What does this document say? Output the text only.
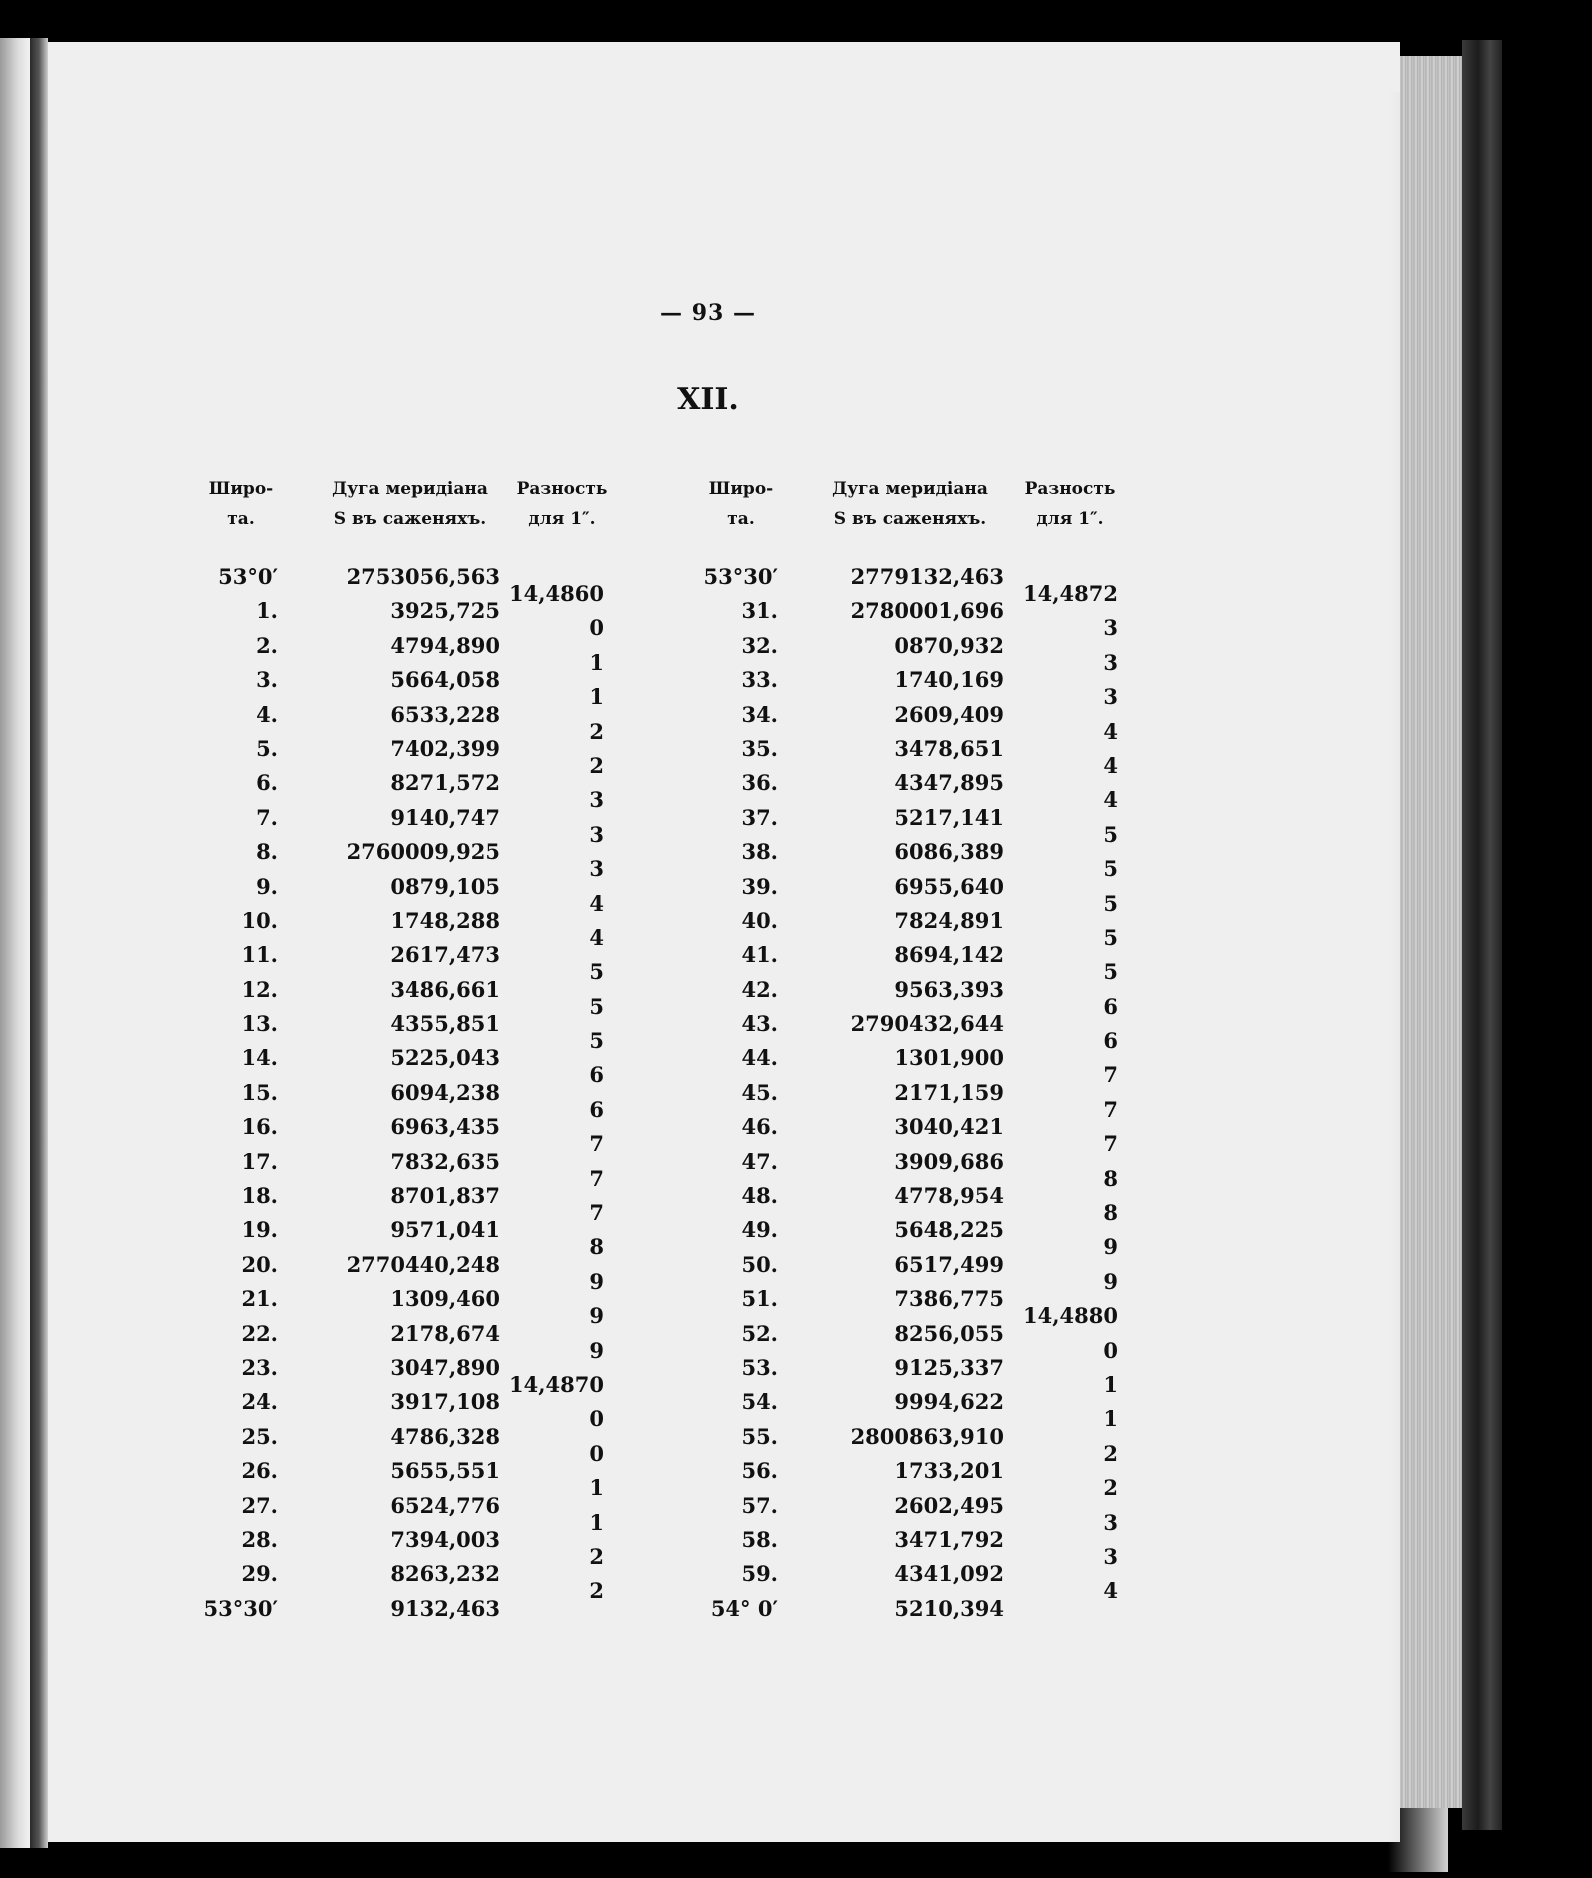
— 93 —
XII.
Широ-
та.
Дуга меридіана
S въ саженяхъ.
Разность
для 1″.
Широ-
та.
Дуга меридіана
S въ саженяхъ.
Разность
для 1″.
53°0′
1.
2.
3.
4.
5.
6.
7.
8.
9.
10.
11.
12.
13.
14.
15.
16.
17.
18.
19.
20.
21.
22.
23.
24.
25.
26.
27.
28.
29.
53°30′
2753056,563
3925,725
4794,890
5664,058
6533,228
7402,399
8271,572
9140,747
2760009,925
0879,105
1748,288
2617,473
3486,661
4355,851
5225,043
6094,238
6963,435
7832,635
8701,837
9571,041
2770440,248
1309,460
2178,674
3047,890
3917,108
4786,328
5655,551
6524,776
7394,003
8263,232
9132,463
14,4860
0
1
1
2
2
3
3
3
4
4
5
5
5
6
6
7
7
7
8
9
9
9
14,4870
0
0
1
1
2
2
53°30′
31.
32.
33.
34.
35.
36.
37.
38.
39.
40.
41.
42.
43.
44.
45.
46.
47.
48.
49.
50.
51.
52.
53.
54.
55.
56.
57.
58.
59.
54° 0′
2779132,463
2780001,696
0870,932
1740,169
2609,409
3478,651
4347,895
5217,141
6086,389
6955,640
7824,891
8694,142
9563,393
2790432,644
1301,900
2171,159
3040,421
3909,686
4778,954
5648,225
6517,499
7386,775
8256,055
9125,337
9994,622
2800863,910
1733,201
2602,495
3471,792
4341,092
5210,394
14,4872
3
3
3
4
4
4
5
5
5
5
5
6
6
7
7
7
8
8
9
9
14,4880
0
1
1
2
2
3
3
4
